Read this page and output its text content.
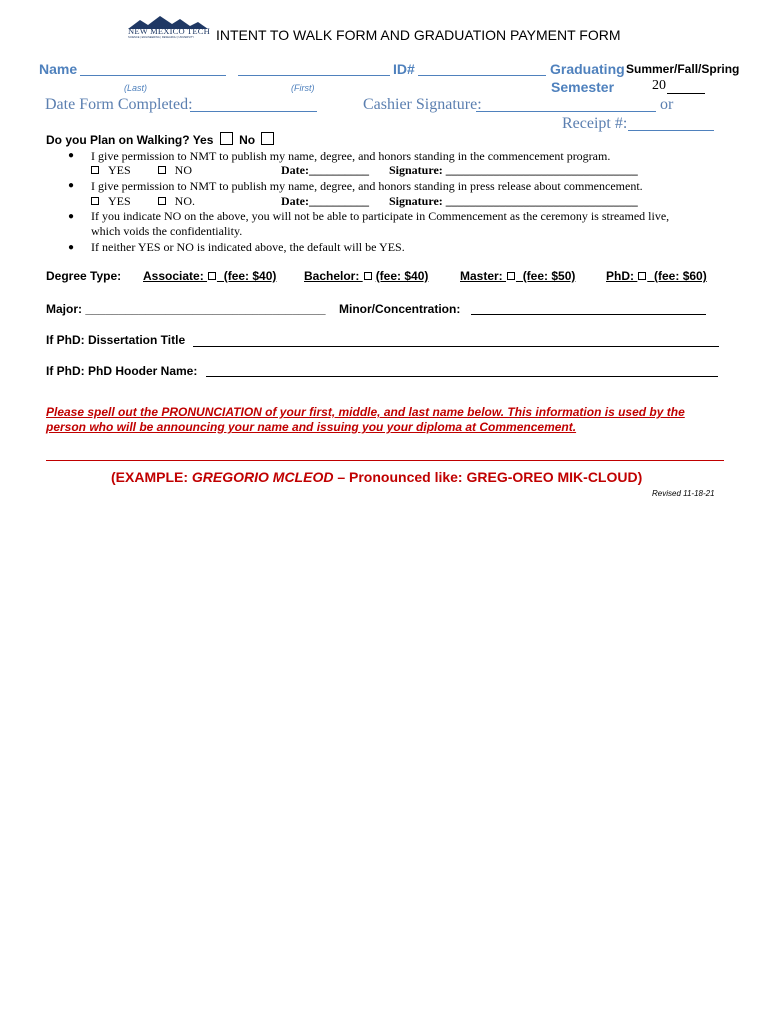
NEW MEXICO TECH
SCIENCE | ENGINEERING | RESEARCH | UNIVERSITY INTENT TO WALK FORM AND GRADUATION PAYMENT FORM
Name	ID#	Graduating Summer/Fall/Spring
(Last)	(First)	Semester	20
Date Form Completed:	Cashier Signature:	or
Receipt #:
Do you Plan on Walking? Yes No
● I give permission to NMT to publish my name, degree, and honors standing in the commencement program.
YES	NO	Date:__________ Signature: ________________________________
● I give permission to NMT to publish my name, degree, and honors standing in press release about commencement.
YES	NO.	Date:__________ Signature: ________________________________
● If you indicate NO on the above, you will not be able to participate in Commencement as the ceremony is streamed live,
which voids the confidentiality.
● If neither YES or NO is indicated above, the default will be YES.
Degree Type: Associate: _(fee: $40) Bachelor: (fee: $40)	Master: _(fee: $50)	PhD: _(fee: $60)
Major: ____________________________________ Minor/Concentration:
If PhD: Dissertation Title
If PhD: PhD Hooder Name:
Please spell out the PRONUNCIATION of your first, middle, and last name below. This information is used by the
person who will be announcing your name and issuing you your diploma at Commencement.
(EXAMPLE: GREGORIO MCLEOD – Pronounced like: GREG-OREO MIK-CLOUD)
Revised 11-18-21
